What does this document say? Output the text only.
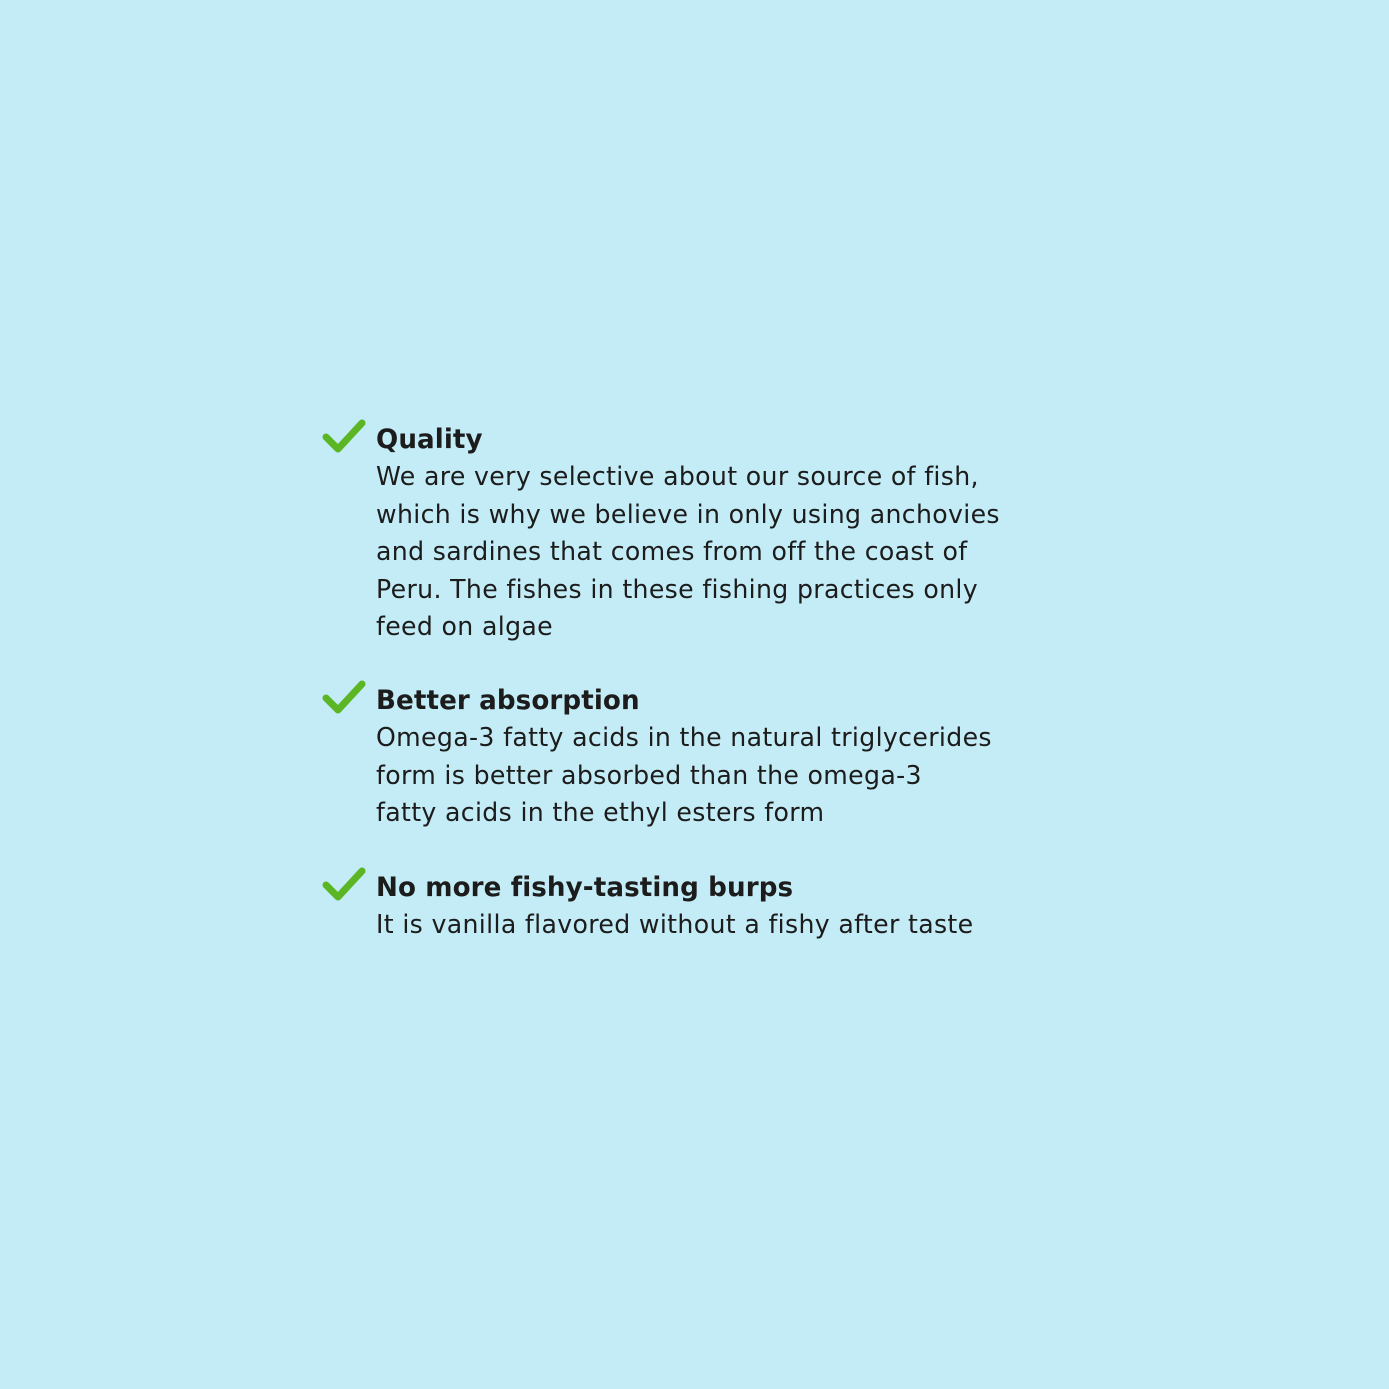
Quality
We are very selective about our source of fish,
which is why we believe in only using anchovies
and sardines that comes from off the coast of
Peru. The fishes in these fishing practices only
feed on algae
Better absorption
Omega-3 fatty acids in the natural triglycerides
form is better absorbed than the omega-3
fatty acids in the ethyl esters form
No more fishy-tasting burps
It is vanilla flavored without a fishy after taste
